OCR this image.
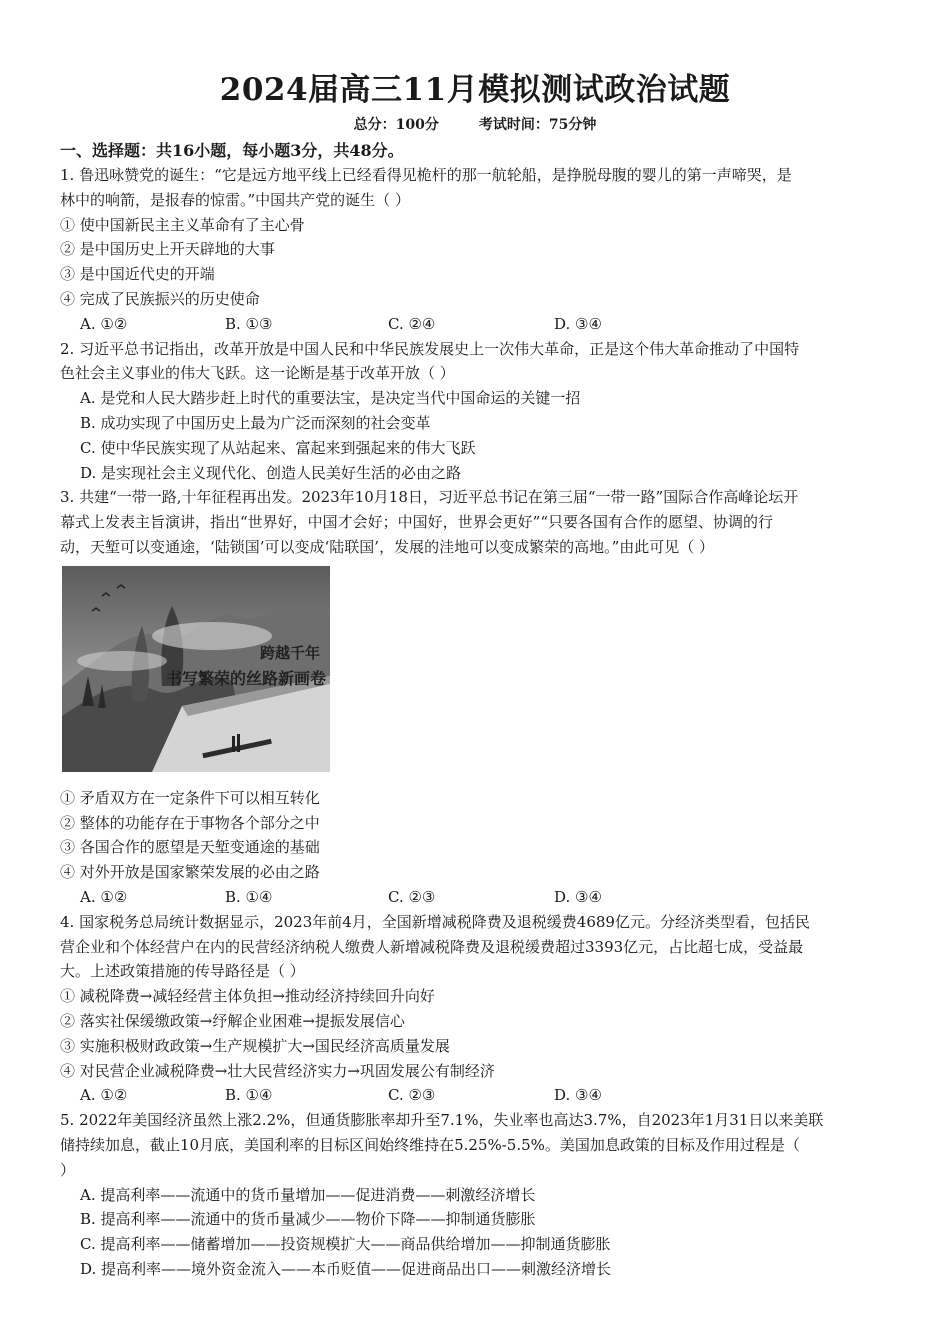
2024届高三11月模拟测试政治试题
总分：100分	考试时间：75分钟
一、选择题：共16小题，每小题3分，共48分。
1. 鲁迅咏赞党的诞生：“它是远方地平线上已经看得见桅杆的那一航轮船，是挣脱母腹的婴儿的第一声啼哭，是
林中的响箭，是报春的惊雷。”中国共产党的诞生（ ）
① 使中国新民主主义革命有了主心骨
② 是中国历史上开天辟地的大事
③ 是中国近代史的开端
④ 完成了民族振兴的历史使命
A. ①②	B. ①③	C. ②④	D. ③④
2. 习近平总书记指出，改革开放是中国人民和中华民族发展史上一次伟大革命，正是这个伟大革命推动了中国特
色社会主义事业的伟大飞跃。这一论断是基于改革开放（ ）
A. 是党和人民大踏步赶上时代的重要法宝，是决定当代中国命运的关键一招
B. 成功实现了中国历史上最为广泛而深刻的社会变革
C. 使中华民族实现了从站起来、富起来到强起来的伟大飞跃
D. 是实现社会主义现代化、创造人民美好生活的必由之路
3. 共建“一带一路,十年征程再出发。2023年10月18日，习近平总书记在第三届“一带一路”国际合作高峰论坛开
幕式上发表主旨演讲，指出“世界好，中国才会好；中国好，世界会更好”“只要各国有合作的愿望、协调的行
动，天堑可以变通途，‘陆锁国’可以变成‘陆联国’，发展的洼地可以变成繁荣的高地。”由此可见（ ）
跨越千年
书写繁荣的丝路新画卷
① 矛盾双方在一定条件下可以相互转化
② 整体的功能存在于事物各个部分之中
③ 各国合作的愿望是天堑变通途的基础
④ 对外开放是国家繁荣发展的必由之路
A. ①②	B. ①④	C. ②③	D. ③④
4. 国家税务总局统计数据显示，2023年前4月，全国新增减税降费及退税缓费4689亿元。分经济类型看，包括民
营企业和个体经营户在内的民营经济纳税人缴费人新增减税降费及退税缓费超过3393亿元，占比超七成，受益最
大。上述政策措施的传导路径是（ ）
① 减税降费→减轻经营主体负担→推动经济持续回升向好
② 落实社保缓缴政策→纾解企业困难→提振发展信心
③ 实施积极财政政策→生产规模扩大→国民经济高质量发展
④ 对民营企业减税降费→壮大民营经济实力→巩固发展公有制经济
A. ①②	B. ①④	C. ②③	D. ③④
5. 2022年美国经济虽然上涨2.2%，但通货膨胀率却升至7.1%，失业率也高达3.7%，自2023年1月31日以来美联
储持续加息，截止10月底，美国利率的目标区间始终维持在5.25%-5.5%。美国加息政策的目标及作用过程是（
）
A. 提高利率——流通中的货币量增加——促进消费——刺激经济增长
B. 提高利率——流通中的货币量减少——物价下降——抑制通货膨胀
C. 提高利率——储蓄增加——投资规模扩大——商品供给增加——抑制通货膨胀
D. 提高利率——境外资金流入——本币贬值——促进商品出口——刺激经济增长
